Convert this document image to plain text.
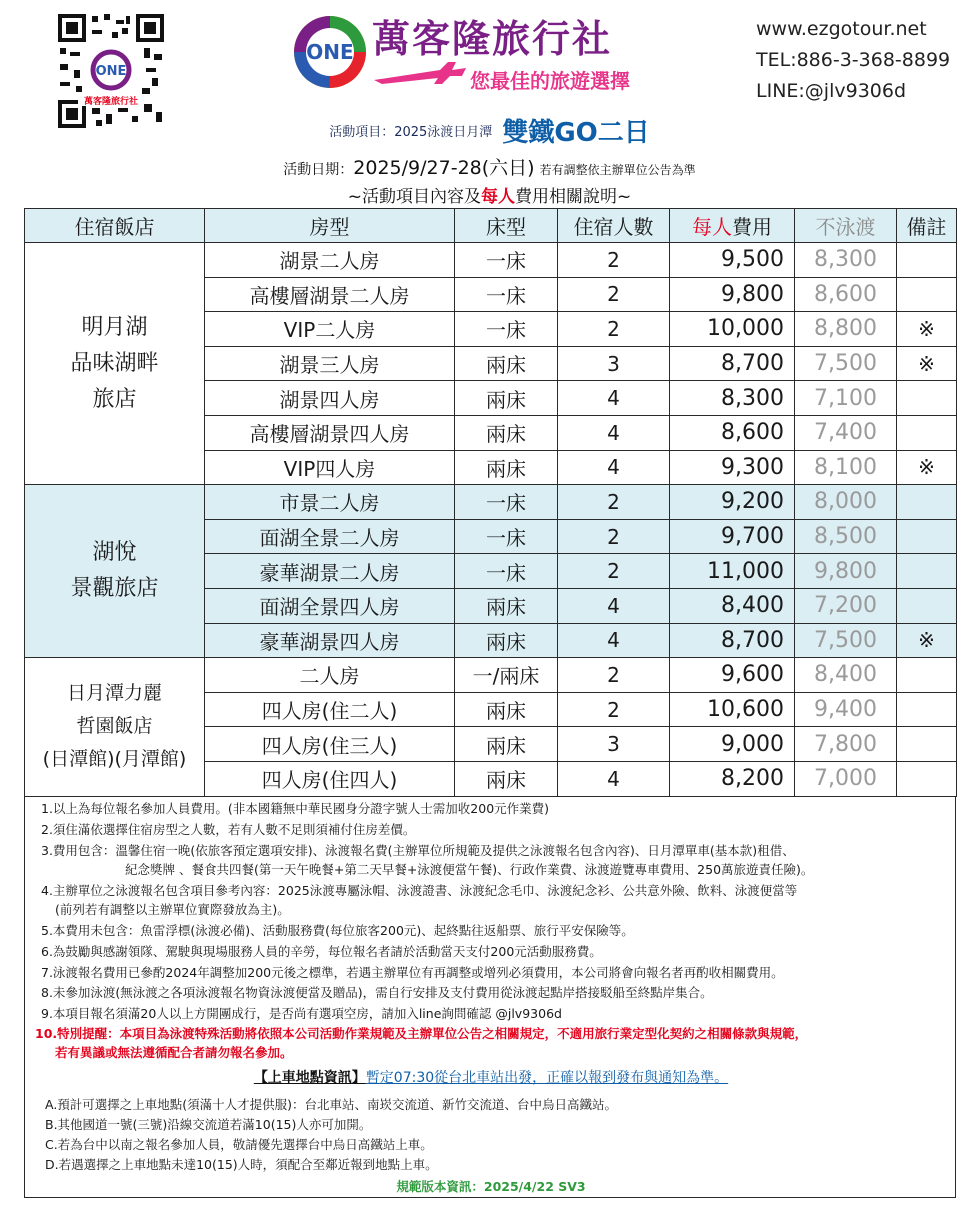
ONE
萬客隆旅行社
ONE 萬客隆旅行社
您最佳的旅遊選擇
www.ezgotour.net
TEL:886-3-368-8899
LINE:@jlv9306d
活動項目：2025泳渡日月潭 雙鐵GO二日
活動日期：2025/9/27-28(六日) 若有調整依主辦單位公告為準
~活動項目內容及每人費用相關說明~
住宿飯店	房型	床型	住宿人數	每人費用	不泳渡	備註

明月湖
品味湖畔
旅店	湖景二人房	一床	2	9,500	8,300	
	高樓層湖景二人房	一床	2	9,800	8,600	
	VIP二人房	一床	2	10,000	8,800	※
	湖景三人房	兩床	3	8,700	7,500	※
	湖景四人房	兩床	4	8,300	7,100	
	高樓層湖景四人房	兩床	4	8,600	7,400	
	VIP四人房	兩床	4	9,300	8,100	※

湖悅
景觀旅店	市景二人房	一床	2	9,200	8,000	
	面湖全景二人房	一床	2	9,700	8,500	
	豪華湖景二人房	一床	2	11,000	9,800	
	面湖全景四人房	兩床	4	8,400	7,200	
	豪華湖景四人房	兩床	4	8,700	7,500	※

日月潭力麗
哲園飯店
(日潭館)(月潭館)	二人房	一/兩床	2	9,600	8,400	
	四人房(住二人)	兩床	2	10,600	9,400	
	四人房(住三人)	兩床	3	9,000	7,800	
	四人房(住四人)	兩床	4	8,200	7,000	
1.以上為每位報名參加人員費用。(非本國籍無中華民國身分證字號人士需加收200元作業費)
2.須住滿依選擇住宿房型之人數，若有人數不足則須補付住房差價。
3.費用包含：溫馨住宿一晚(依旅客預定選項安排)、泳渡報名費(主辦單位所規範及提供之泳渡報名包含內容)、日月潭單車(基本款)租借、
紀念獎牌 、餐食共四餐(第一天午晚餐+第二天早餐+泳渡便當午餐)、行政作業費、泳渡遊覽專車費用、250萬旅遊責任險)。
4.主辦單位之泳渡報名包含項目參考內容：2025泳渡專屬泳帽、泳渡證書、泳渡紀念毛巾、泳渡紀念衫、公共意外險、飲料、泳渡便當等
(前列若有調整以主辦單位實際發放為主)。
5.本費用未包含：魚雷浮標(泳渡必備)、活動服務費(每位旅客200元)、起終點往返船票、旅行平安保險等。
6.為鼓勵與感謝領隊、駕駛與現場服務人員的辛勞，每位報名者請於活動當天支付200元活動服務費。
7.泳渡報名費用已參酌2024年調整加200元後之標準，若遇主辦單位有再調整或增列必須費用，本公司將會向報名者再酌收相關費用。
8.未參加泳渡(無泳渡之各項泳渡報名物資泳渡便當及贈品)，需自行安排及支付費用從泳渡起點岸搭接駁船至終點岸集合。
9.本項目報名須滿20人以上方開團成行，是否尚有選項空房，請加入line詢問確認 @jlv9306d
10.特別提醒：本項目為泳渡特殊活動將依照本公司活動作業規範及主辦單位公告之相關規定，不適用旅行業定型化契約之相關條款與規範，
若有異議或無法遵循配合者請勿報名參加。
【上車地點資訊】暫定07:30從台北車站出發，正確以報到發布與通知為準。
A.預計可選擇之上車地點(須滿十人才提供服)：台北車站、南崁交流道、新竹交流道、台中烏日高鐵站。
B.其他國道一號(三號)沿線交流道若滿10(15)人亦可加開。
C.若為台中以南之報名參加人員，敬請優先選擇台中烏日高鐵站上車。
D.若遇選擇之上車地點未達10(15)人時，須配合至鄰近報到地點上車。
規範版本資訊：2025/4/22 SV3
